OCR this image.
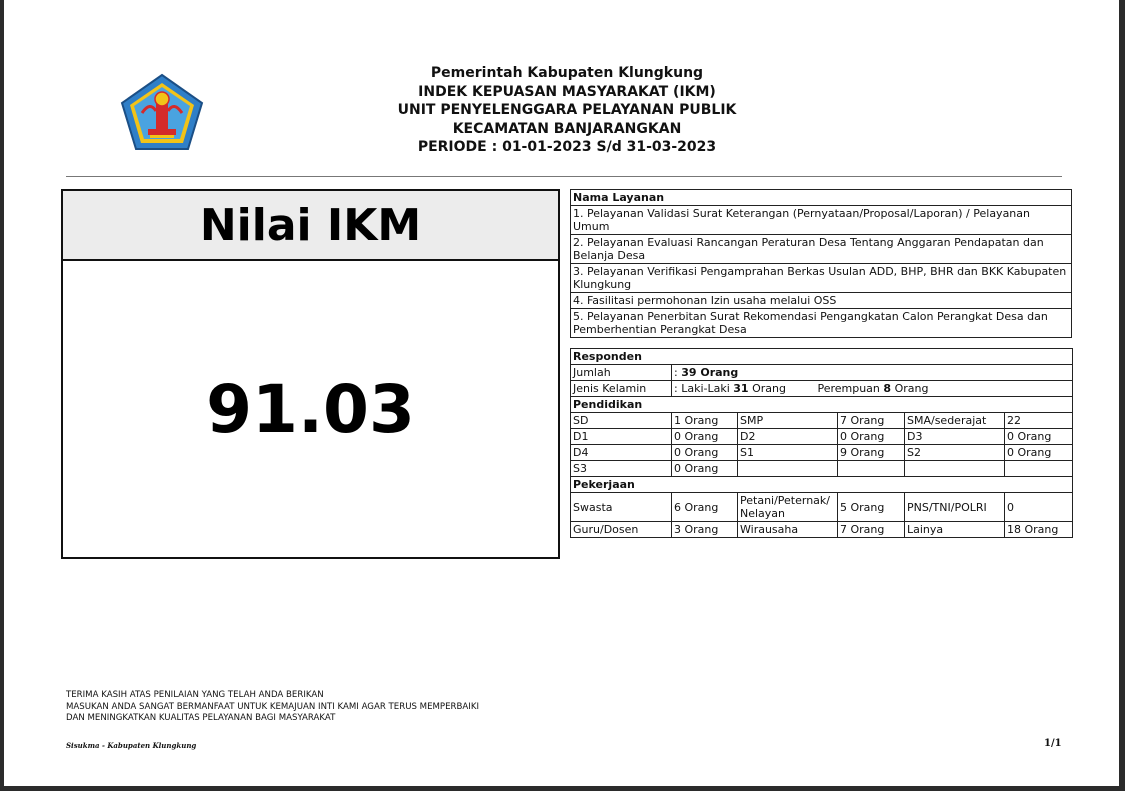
Pemerintah Kabupaten Klungkung
INDEK KEPUASAN MASYARAKAT (IKM)
UNIT PENYELENGGARA PELAYANAN PUBLIK
KECAMATAN BANJARANGKAN
PERIODE : 01-01-2023 S/d 31-03-2023
Nilai IKM
91.03
Nama Layanan
1. Pelayanan Validasi Surat Keterangan (Pernyataan/Proposal/Laporan) / Pelayanan Umum
2. Pelayanan Evaluasi Rancangan Peraturan Desa Tentang Anggaran Pendapatan dan Belanja Desa
3. Pelayanan Verifikasi Pengamprahan Berkas Usulan ADD, BHP, BHR dan BKK Kabupaten Klungkung
4. Fasilitasi permohonan Izin usaha melalui OSS
5. Pelayanan Penerbitan Surat Rekomendasi Pengangkatan Calon Perangkat Desa dan Pemberhentian Perangkat Desa
Responden					
Jumlah	: 39 Orang				
Jenis Kelamin	: Laki-Laki 31 Orang Perempuan 8 Orang				
Pendidikan					
SD	1 Orang	SMP	7 Orang	SMA/sederajat	22
D1	0 Orang	D2	0 Orang	D3	0 Orang
D4	0 Orang	S1	9 Orang	S2	0 Orang
S3	0 Orang				
Pekerjaan					
Swasta	6 Orang	Petani/Peternak/ Nelayan	5 Orang	PNS/TNI/POLRI	0
Guru/Dosen	3 Orang	Wirausaha	7 Orang	Lainya	18 Orang
TERIMA KASIH ATAS PENILAIAN YANG TELAH ANDA BERIKAN
MASUKAN ANDA SANGAT BERMANFAAT UNTUK KEMAJUAN INTI KAMI AGAR TERUS MEMPERBAIKI
DAN MENINGKATKAN KUALITAS PELAYANAN BAGI MASYARAKAT
Sisukma - Kabupaten Klungkung	1/1
